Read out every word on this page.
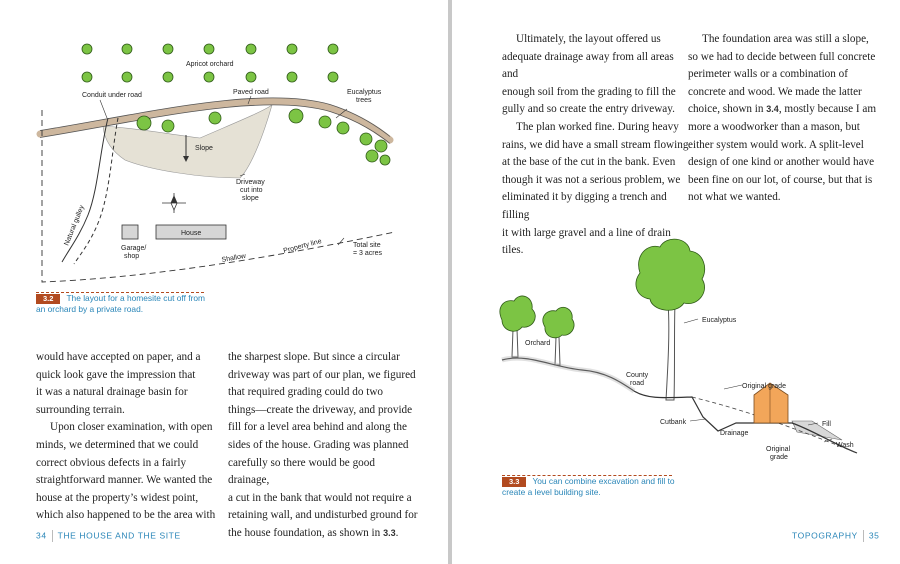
Apricot orchard
Conduit under road	Paved road	Eucalyptus
trees
Slope
Driveway
cut into
slope
Natural gulley	House
Garage/
shop	Shallow
Property line	Total site
= 3 acres
3.2 The layout for a homesite cut off from
an orchard by a private road.

would have accepted on paper, and a

quick look gave the impression that

it was a natural drainage basin for

surrounding terrain.

Upon closer examination, with open

minds, we determined that we could

correct obvious defects in a fairly

straightforward manner. We wanted the

house at the property’s widest point,

which also happened to be the area with

the sharpest slope. But since a circular

driveway was part of our plan, we figured

that required grading could do two

things—create the driveway, and provide

fill for a level area behind and along the

sides of the house. Grading was planned

carefully so there would be good drainage,

a cut in the bank that would not require a

retaining wall, and undisturbed ground for

the house foundation, as shown in 3.3.

34 THE HOUSE AND THE SITE

Ultimately, the layout offered us

adequate drainage away from all areas and

enough soil from the grading to fill the

gully and so create the entry driveway.

The plan worked fine. During heavy

rains, we did have a small stream flowing

at the base of the cut in the bank. Even

though it was not a serious problem, we

eliminated it by digging a trench and filling

it with large gravel and a line of drain tiles.

The foundation area was still a slope,

so we had to decide between full concrete

perimeter walls or a combination of

concrete and wood. We made the latter

choice, shown in 3.4, mostly because I am

more a woodworker than a mason, but

either system would work. A split-level

design of one kind or another would have

been fine on our lot, of course, but that is

not what we wanted.

Eucalyptus
Orchard
County
road	Original grade
Cutbank	Fill
Drainage
Wash
Original
grade
3.3 You can combine excavation and fill to
create a level building site.
TOPOGRAPHY 35
